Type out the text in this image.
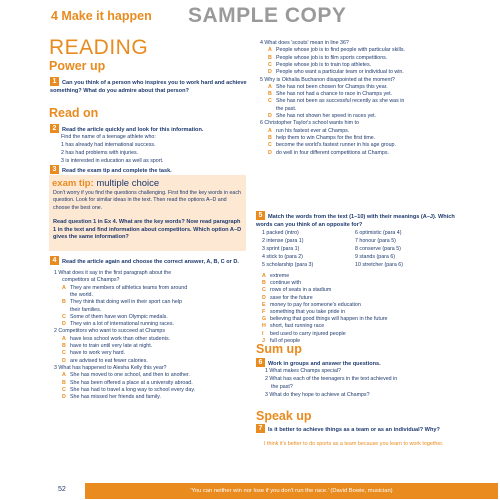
4 Make it happen SAMPLE COPY
READING
Power up
1 Can you think of a person who inspires you to work hard and achieve something? What do you admire about that person?
Read on
2 Read the article quickly and look for this information.
Find the name of a teenage athlete who:
1 has already had international success.
2 has had problems with injuries.
3 is interested in education as well as sport.
3 Read the exam tip and complete the task.
exam tip: multiple choice
Don't worry if you find the questions challenging. First find the key words in each question. Look for similar ideas in the text. Then read the options A–D and choose the best one.
Read question 1 in Ex 4. What are the key words? Now read paragraph 1 in the text and find information about competitors. Which option A–D gives the same information?
4 Read the article again and choose the correct answer, A, B, C or D.
5 Match the words from the text (1–10) with their meanings (A–J). Which words can you think of an opposite for?
Sum up
6 Work in groups and answer the questions.
1 What makes Champs special?
2 What has each of the teenagers in the text achieved in
the past?
3 What do they hope to achieve at Champs?
Speak up
7 Is it better to achieve things as a team or as an individual? Why?
I think it's better to do sports as a team because you learn to work together.
52	'You can neither win nor lose if you don't run the race.' (David Bowie, musician)
1 What does it say in the first paragraph about the
competitors at Champs?
A They are members of athletics teams from around
the world.
B They think that doing well in their sport can help
their families.
C Some of them have won Olympic medals.
D They win a lot of international running races.
2 Competitors who want to succeed at Champs
A have less school work than other students.
B have to train until very late at night.
C have to work very hard.
D are advised to eat fewer calories.
3 What has happened to Alesha Kelly this year?
A She has moved to one school, and then to another.
B She has been offered a place at a university abroad.
C She has had to travel a long way to school every day.
D She has missed her friends and family.
4 What does 'scouts' mean in line 36?
A People whose job is to find people with particular skills.
B People whose job is to film sports competitions.
C People whose job is to train top athletes.
D People who want a particular team or individual to win.
5 Why is Okhalia Buchanon disappointed at the moment?
A She has not been chosen for Champs this year.
B She has not had a chance to race in Champs yet.
C She has not been as successful recently as she was in
the past.
D She has not shown her speed in races yet.
6 Christopher Taylor's school wants him to
A run his fastest ever at Champs.
B help them to win Champs for the first time.
C become the world's fastest runner in his age group.
D do well in four different competitions at Champs.
1 packed (intro)
2 intense (para 1)
3 sprint (para 1)
4 stick to (para 2)
5 scholarship (para 3)
6 optimistic (para 4)
7 honour (para 5)
8 conserve (para 5)
9 stands (para 6)
10 stretcher (para 6)
A extreme
B continue with
C rows of seats in a stadium
D save for the future
E money to pay for someone's education
F something that you take pride in
G believing that good things will happen in the future
H short, fast running race
I bed used to carry injured people
J full of people
